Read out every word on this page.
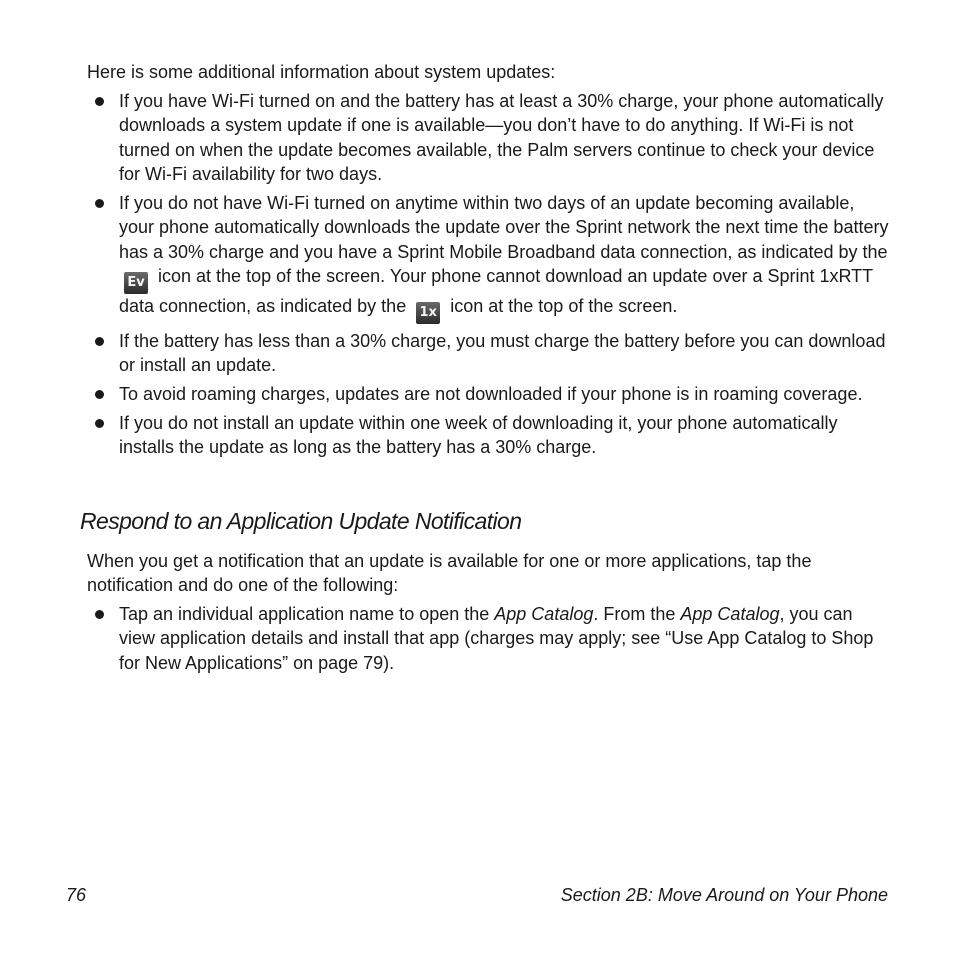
Here is some additional information about system updates:

If you have Wi-Fi turned on and the battery has at least a 30% charge, your phone automatically downloads a system update if one is available—you don’t have to do anything. If Wi-Fi is not turned on when the update becomes available, the Palm servers continue to check your device for Wi-Fi availability for two days.
If you do not have Wi-Fi turned on anytime within two days of an update becoming available, your phone automatically downloads the update over the Sprint network the next time the battery has a 30% charge and you have a Sprint Mobile Broadband data connection, as indicated by the Ev icon at the top of the screen. Your phone cannot download an update over a Sprint 1xRTT data connection, as indicated by the 1x icon at the top of the screen.
If the battery has less than a 30% charge, you must charge the battery before you can download or install an update.
To avoid roaming charges, updates are not downloaded if your phone is in roaming coverage.
If you do not install an update within one week of downloading it, your phone automatically installs the update as long as the battery has a 30% charge.
Respond to an Application Update Notification

When you get a notification that an update is available for one or more applications, tap the notification and do one of the following:

Tap an individual application name to open the App Catalog. From the App Catalog, you can view application details and install that app (charges may apply; see “Use App Catalog to Shop for New Applications” on page 79).
76	Section 2B: Move Around on Your Phone
